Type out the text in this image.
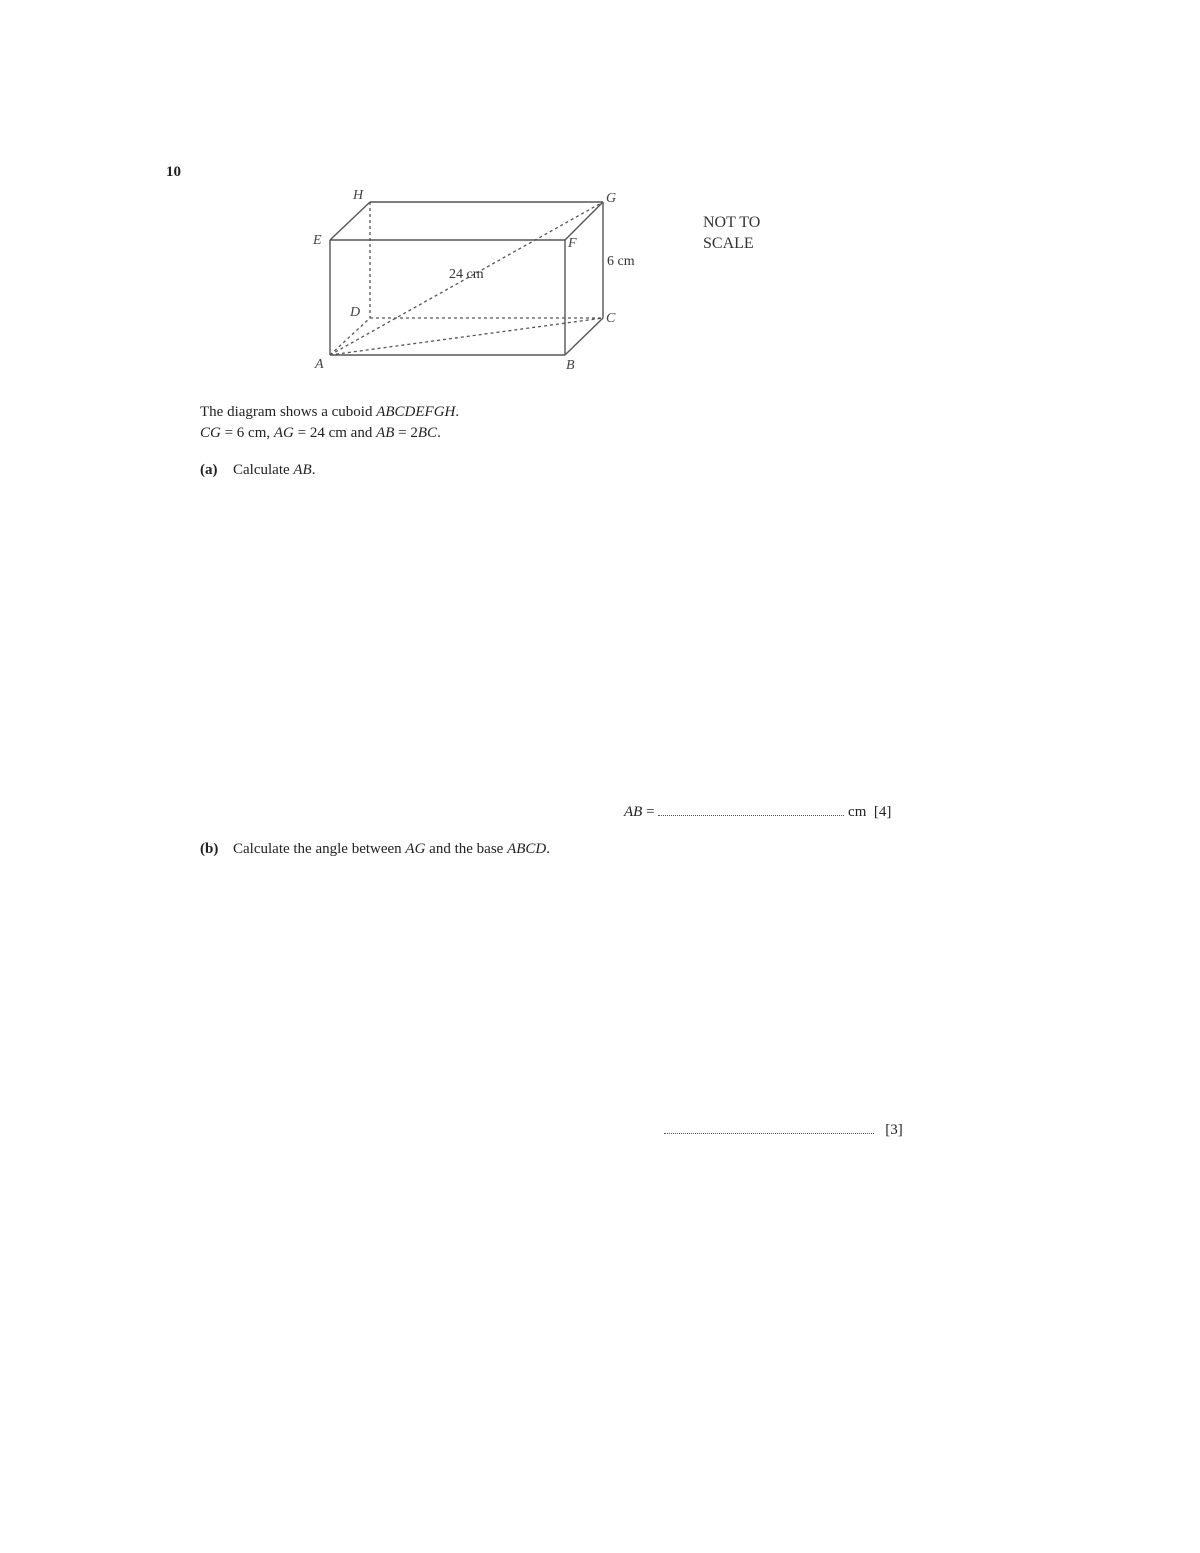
10
H	G
E	F
D	C
A	B
24 cm
6 cm
NOT TO
SCALE
The diagram shows a cuboid ABCDEFGH.
CG = 6 cm, AG = 24 cm and AB = 2BC.
(a) Calculate AB.
AB =	cm [4]
(b) Calculate the angle between AG and the base ABCD.
[3]
